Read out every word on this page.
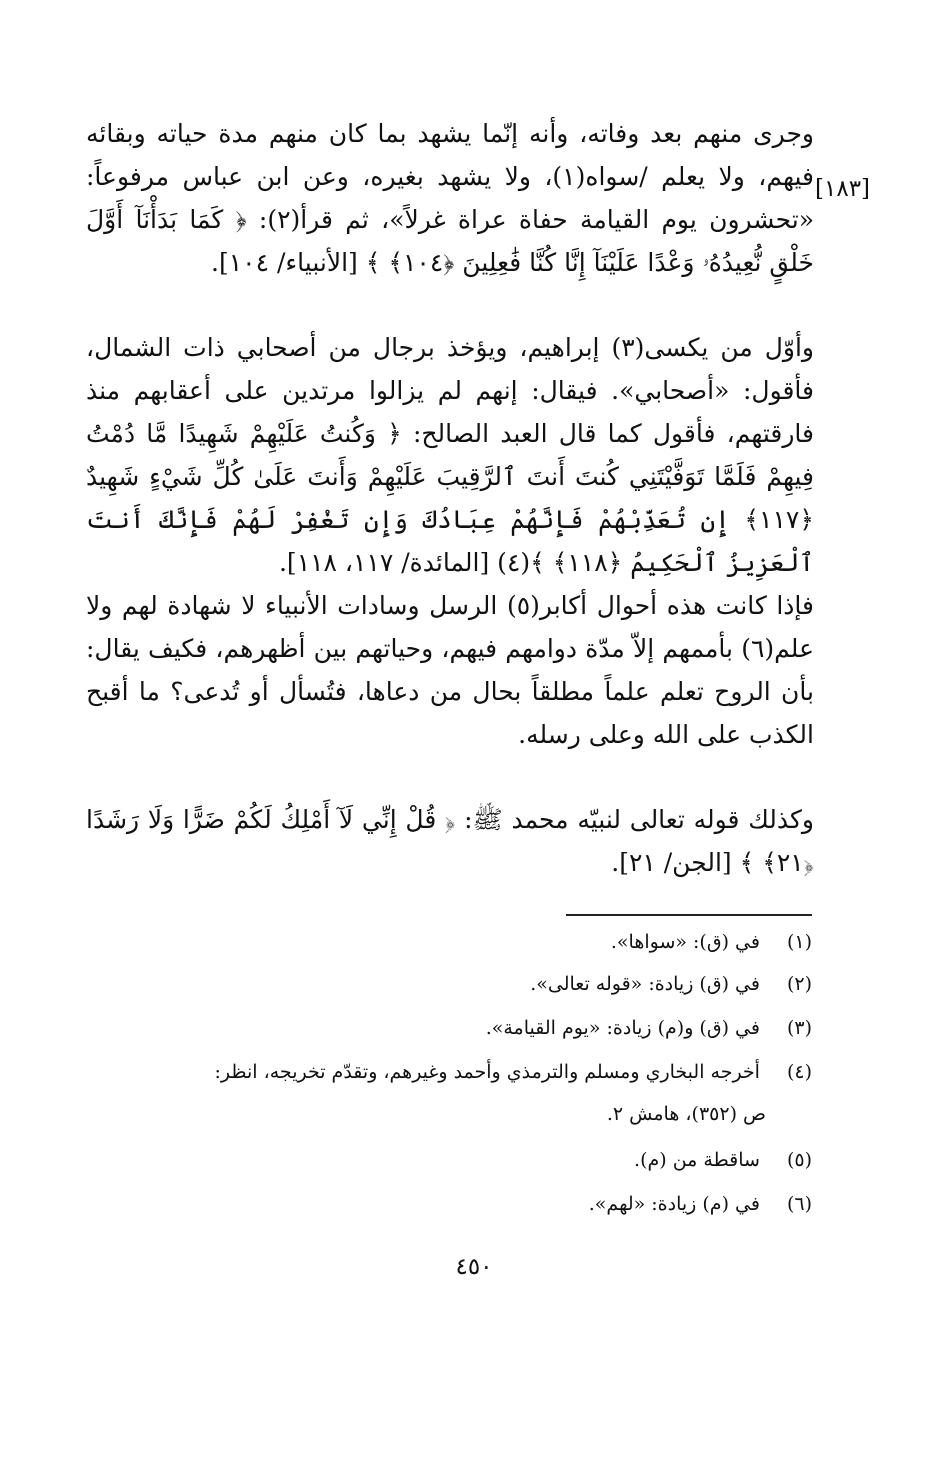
[١٨٣]

وجرى منهم بعد وفاته، وأنه إنّما يشهد بما كان منهم مدة حياته وبقائه فيهم، ولا يعلم /سواه(١)، ولا يشهد بغيره، وعن ابن عباس مرفوعاً: «تحشرون يوم القيامة حفاة عراة غرلاً»، ثم قرأ(٢): ﴿ كَمَا بَدَأْنَآ أَوَّلَ خَلْقٍ نُّعِيدُهُۥ وَعْدًا عَلَيْنَآ إِنَّا كُنَّا فَٰعِلِينَ ﴿١٠٤﴾ ﴾ [الأنبياء/ ١٠٤].

وأوّل من يكسى(٣) إبراهيم، ويؤخذ برجال من أصحابي ذات الشمال، فأقول: «أصحابي». فيقال: إنهم لم يزالوا مرتدين على أعقابهم منذ فارقتهم، فأقول كما قال العبد الصالح: ﴿ وَكُنتُ عَلَيْهِمْ شَهِيدًا مَّا دُمْتُ فِيهِمْ فَلَمَّا تَوَفَّيْتَنِي كُنتَ أَنتَ ٱلرَّقِيبَ عَلَيْهِمْ وَأَنتَ عَلَىٰ كُلِّ شَيْءٍ شَهِيدٌ ﴿١١٧﴾ إِن تُعَذِّبْهُمْ فَإِنَّهُمْ عِبَادُكَ وَإِن تَغْفِرْ لَهُمْ فَإِنَّكَ أَنتَ ٱلْعَزِيزُ ٱلْحَكِيمُ ﴿١١٨﴾ ﴾(٤) [المائدة/ ١١٧، ١١٨].

فإذا كانت هذه أحوال أكابر(٥) الرسل وسادات الأنبياء لا شهادة لهم ولا علم(٦) بأممهم إلاّ مدّة دوامهم فيهم، وحياتهم بين أظهرهم، فكيف يقال: بأن الروح تعلم علماً مطلقاً بحال من دعاها، فتُسأل أو تُدعى؟ ما أقبح الكذب على الله وعلى رسله.

وكذلك قوله تعالى لنبيّه محمد ﷺ: ﴿ قُلْ إِنِّي لَآ أَمْلِكُ لَكُمْ ضَرًّا وَلَا رَشَدًا ﴿٢١﴾ ﴾ [الجن/ ٢١].

(١) في (ق): «سواها».
(٢) في (ق) زيادة: «قوله تعالى».
(٣) في (ق) و(م) زيادة: «يوم القيامة».
(٤) أخرجه البخاري ومسلم والترمذي وأحمد وغيرهم، وتقدّم تخريجه، انظر:
ص (٣٥٢)، هامش ٢.
(٥) ساقطة من (م).
(٦) في (م) زيادة: «لهم».
٤٥٠
